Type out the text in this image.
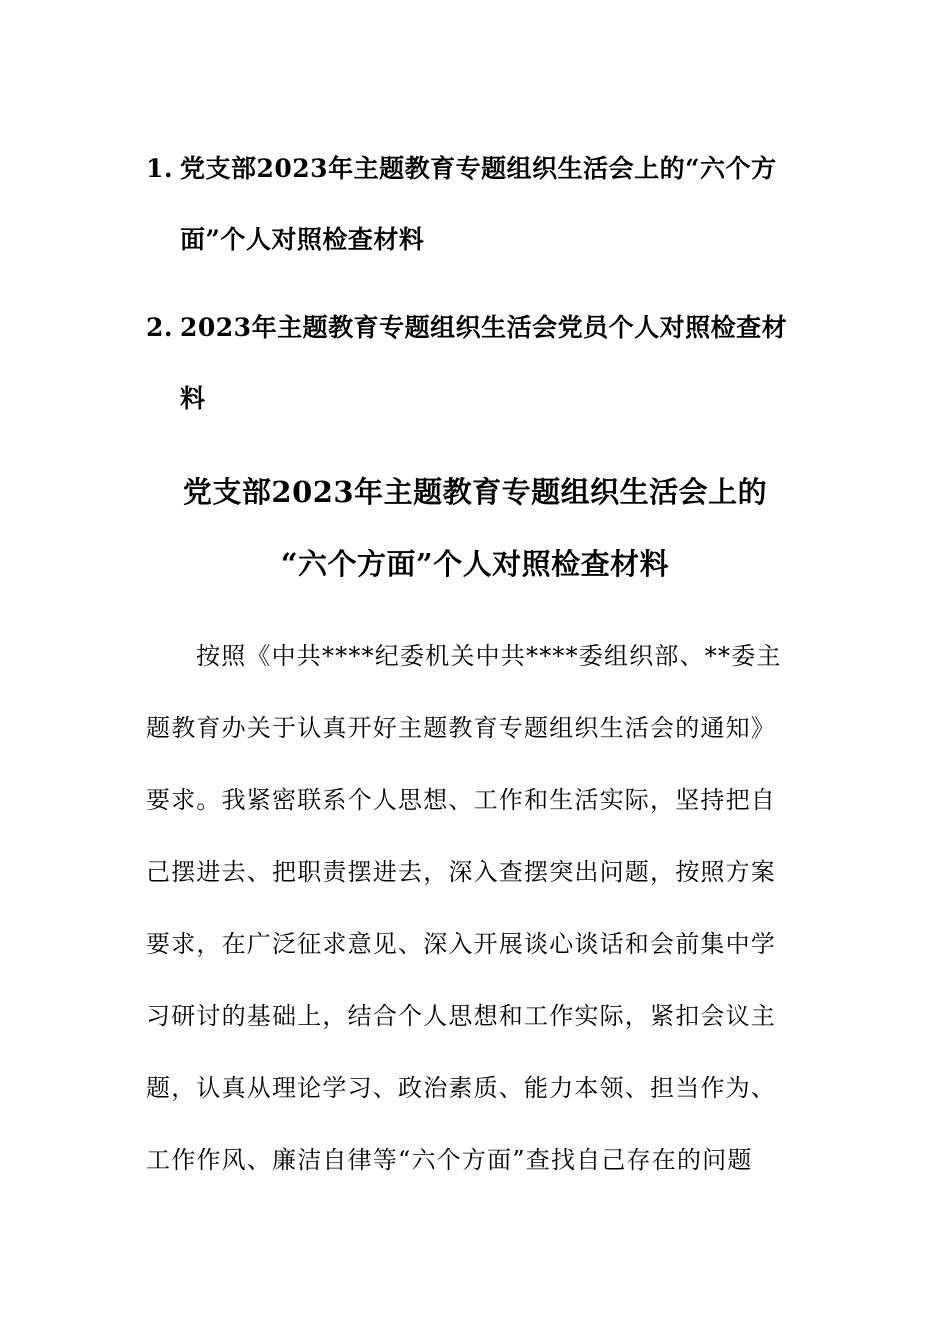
1. 党支部2023年主题教育专题组织生活会上的“六个方
面”个人对照检查材料
2. 2023年主题教育专题组织生活会党员个人对照检查材
料
党支部2023年主题教育专题组织生活会上的
“六个方面”个人对照检查材料
按照《中共****纪委机关中共****委组织部、**委主
题教育办关于认真开好主题教育专题组织生活会的通知》
要求。我紧密联系个人思想、工作和生活实际，坚持把自
己摆进去、把职责摆进去，深入查摆突出问题，按照方案
要求，在广泛征求意见、深入开展谈心谈话和会前集中学
习研讨的基础上，结合个人思想和工作实际，紧扣会议主
题，认真从理论学习、政治素质、能力本领、担当作为、
工作作风、廉洁自律等“六个方面”查找自己存在的问题
